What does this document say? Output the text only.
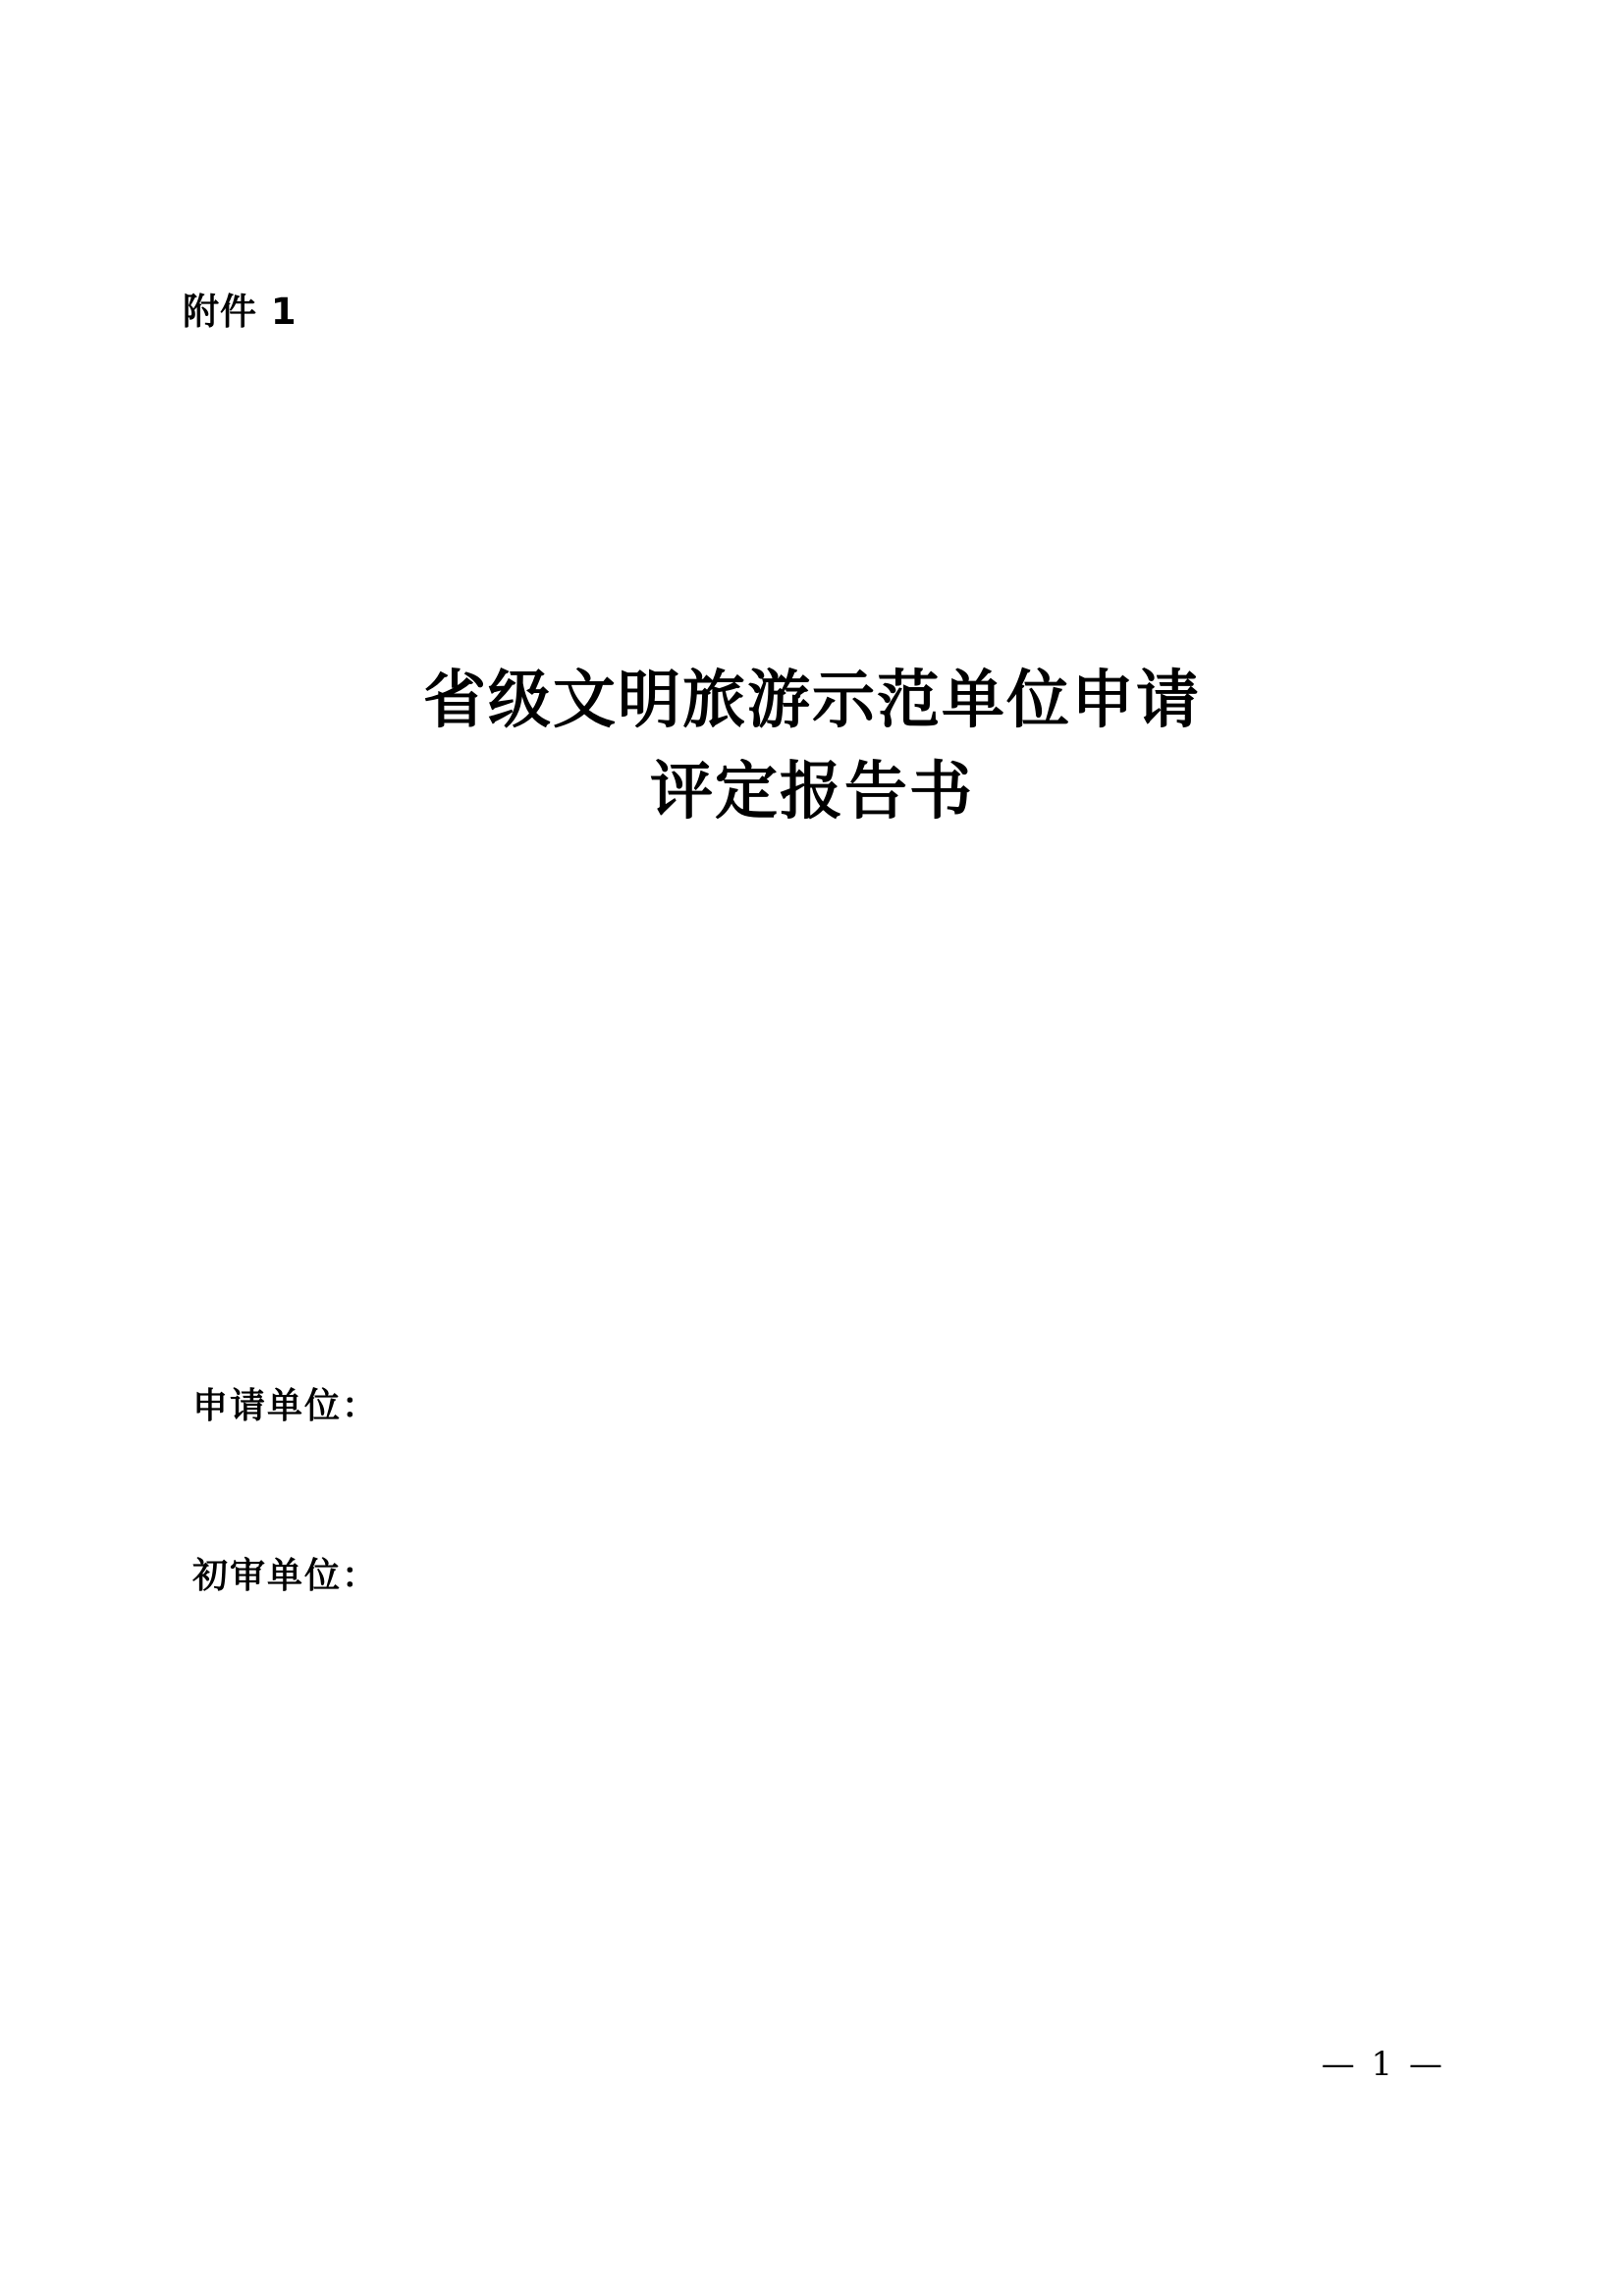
附件 1
省级文明旅游示范单位申请
评定报告书
申请单位：
初审单位：
— 1 —
